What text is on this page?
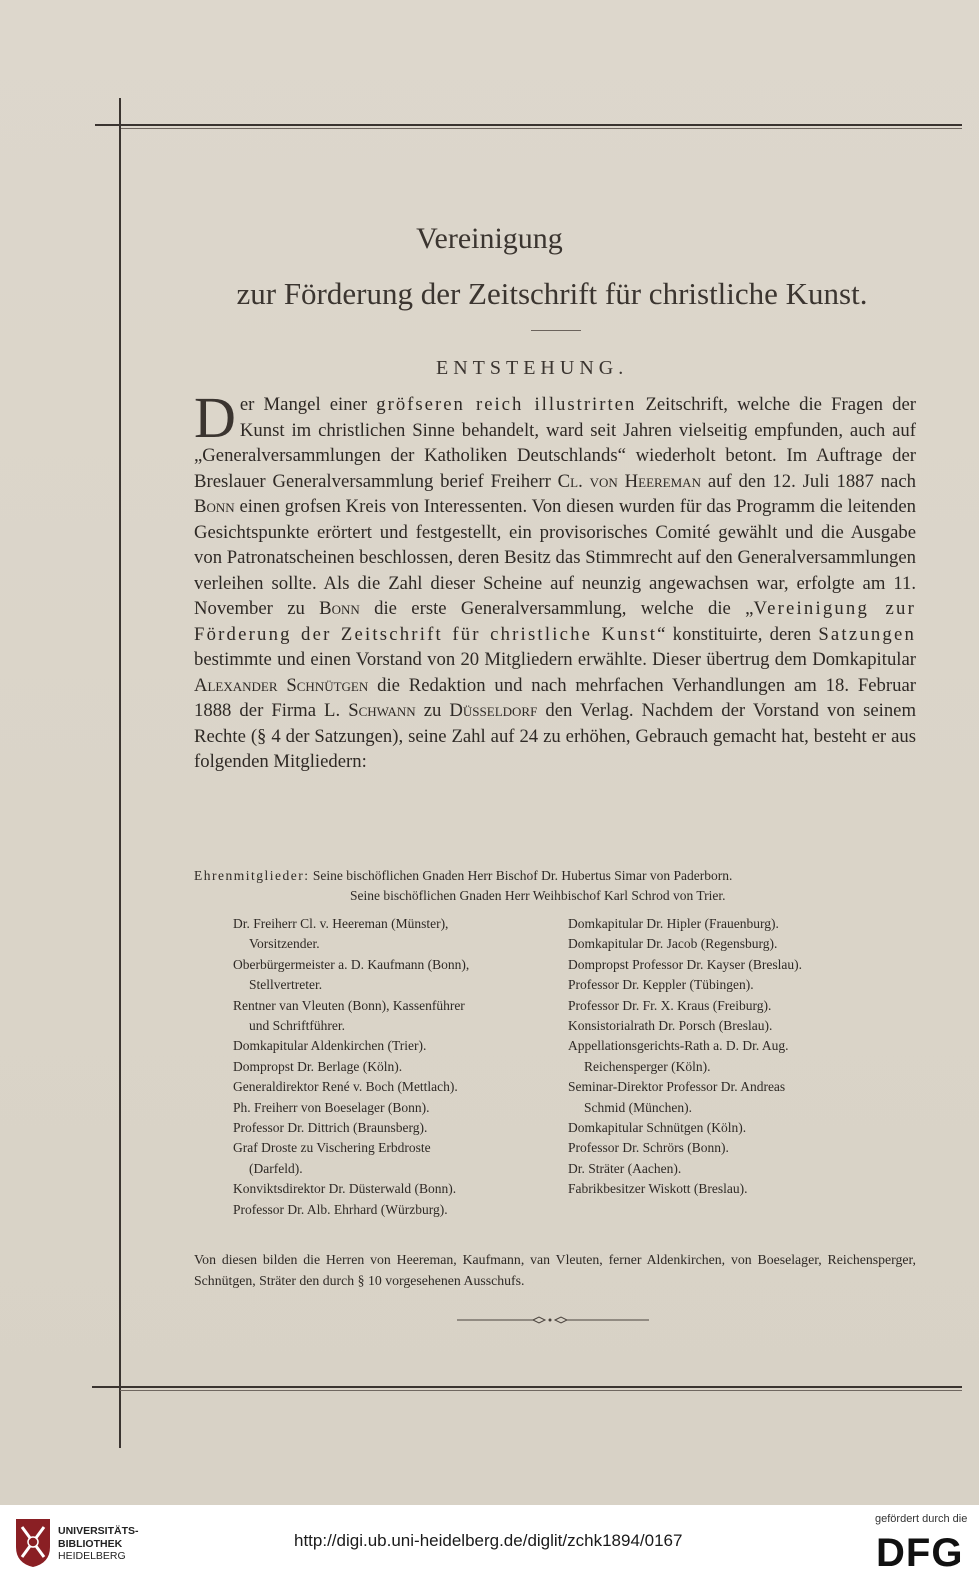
Vereinigung
zur Förderung der Zeitschrift für christliche Kunst.
ENTSTEHUNG.

Der Mangel einer gröfseren reich illustrirten Zeitschrift, welche die Fragen der Kunst im christlichen Sinne behandelt, ward seit Jahren vielseitig empfunden, auch auf „Generalversammlungen der Katholiken Deutschlands“ wiederholt betont. Im Auftrage der Breslauer Generalversammlung berief Freiherr Cl. von Heereman auf den 12. Juli 1887 nach Bonn einen grofsen Kreis von Interessenten. Von diesen wurden für das Programm die leitenden Gesichtspunkte erörtert und festgestellt, ein provisorisches Comité gewählt und die Ausgabe von Patronatscheinen beschlossen, deren Besitz das Stimmrecht auf den Generalversammlungen verleihen sollte. Als die Zahl dieser Scheine auf neunzig angewachsen war, erfolgte am 11. November zu Bonn die erste Generalversammlung, welche die „Vereinigung zur Förderung der Zeitschrift für christliche Kunst“ konstituirte, deren Satzungen bestimmte und einen Vorstand von 20 Mitgliedern erwählte. Dieser übertrug dem Domkapitular Alexander Schnütgen die Redaktion und nach mehrfachen Verhandlungen am 18. Februar 1888 der Firma L. Schwann zu Düsseldorf den Verlag. Nachdem der Vorstand von seinem Rechte (§ 4 der Satzungen), seine Zahl auf 24 zu erhöhen, Gebrauch gemacht hat, besteht er aus folgenden Mitgliedern:

Ehrenmitglieder: Seine bischöflichen Gnaden Herr Bischof Dr. Hubertus Simar von Paderborn.
Seine bischöflichen Gnaden Herr Weihbischof Karl Schrod von Trier.
Dr. Freiherr Cl. v. Heereman (Münster),
Vorsitzender.
Oberbürgermeister a. D. Kaufmann (Bonn),
Stellvertreter.
Rentner van Vleuten (Bonn), Kassenführer
und Schriftführer.
Domkapitular Aldenkirchen (Trier).
Dompropst Dr. Berlage (Köln).
Generaldirektor René v. Boch (Mettlach).
Ph. Freiherr von Boeselager (Bonn).
Professor Dr. Dittrich (Braunsberg).
Graf Droste zu Vischering Erbdroste
(Darfeld).
Konviktsdirektor Dr. Düsterwald (Bonn).
Professor Dr. Alb. Ehrhard (Würzburg).
Domkapitular Dr. Hipler (Frauenburg).
Domkapitular Dr. Jacob (Regensburg).
Dompropst Professor Dr. Kayser (Breslau).
Professor Dr. Keppler (Tübingen).
Professor Dr. Fr. X. Kraus (Freiburg).
Konsistorialrath Dr. Porsch (Breslau).
Appellationsgerichts-Rath a. D. Dr. Aug.
Reichensperger (Köln).
Seminar-Direktor Professor Dr. Andreas
Schmid (München).
Domkapitular Schnütgen (Köln).
Professor Dr. Schrörs (Bonn).
Dr. Sträter (Aachen).
Fabrikbesitzer Wiskott (Breslau).
Von diesen bilden die Herren von Heereman, Kaufmann, van Vleuten, ferner Aldenkirchen, von Boeselager, Reichensperger, Schnütgen, Sträter den durch § 10 vorgesehenen Ausschufs.
UNIVERSITÄTS-
BIBLIOTHEK
HEIDELBERG
http://digi.ub.uni-heidelberg.de/diglit/zchk1894/0167
gefördert durch die
DFG
